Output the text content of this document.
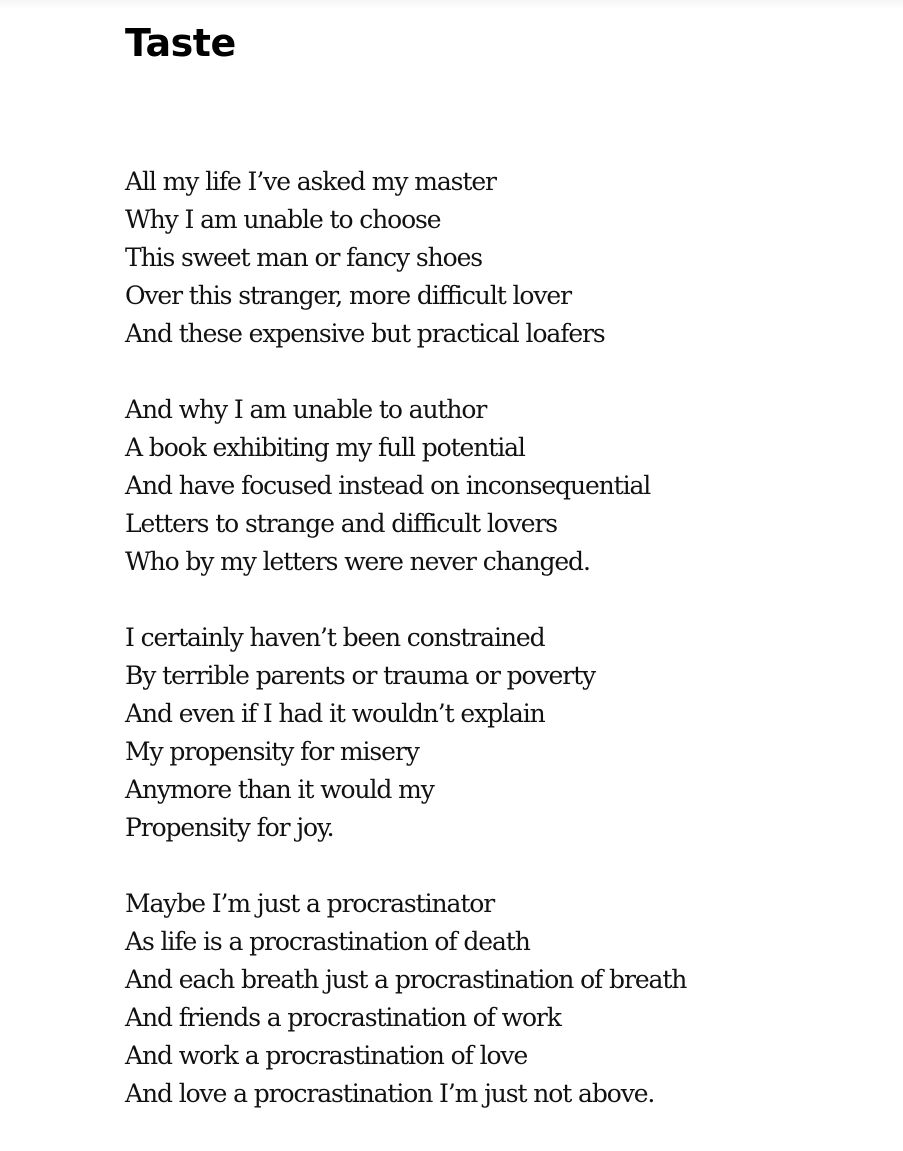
Taste
All my life I’ve asked my master
Why I am unable to choose
This sweet man or fancy shoes
Over this stranger, more difficult lover
And these expensive but practical loafers
And why I am unable to author
A book exhibiting my full potential
And have focused instead on inconsequential
Letters to strange and difficult lovers
Who by my letters were never changed.
I certainly haven’t been constrained
By terrible parents or trauma or poverty
And even if I had it wouldn’t explain
My propensity for misery
Anymore than it would my
Propensity for joy.
Maybe I’m just a procrastinator
As life is a procrastination of death
And each breath just a procrastination of breath
And friends a procrastination of work
And work a procrastination of love
And love a procrastination I’m just not above.
